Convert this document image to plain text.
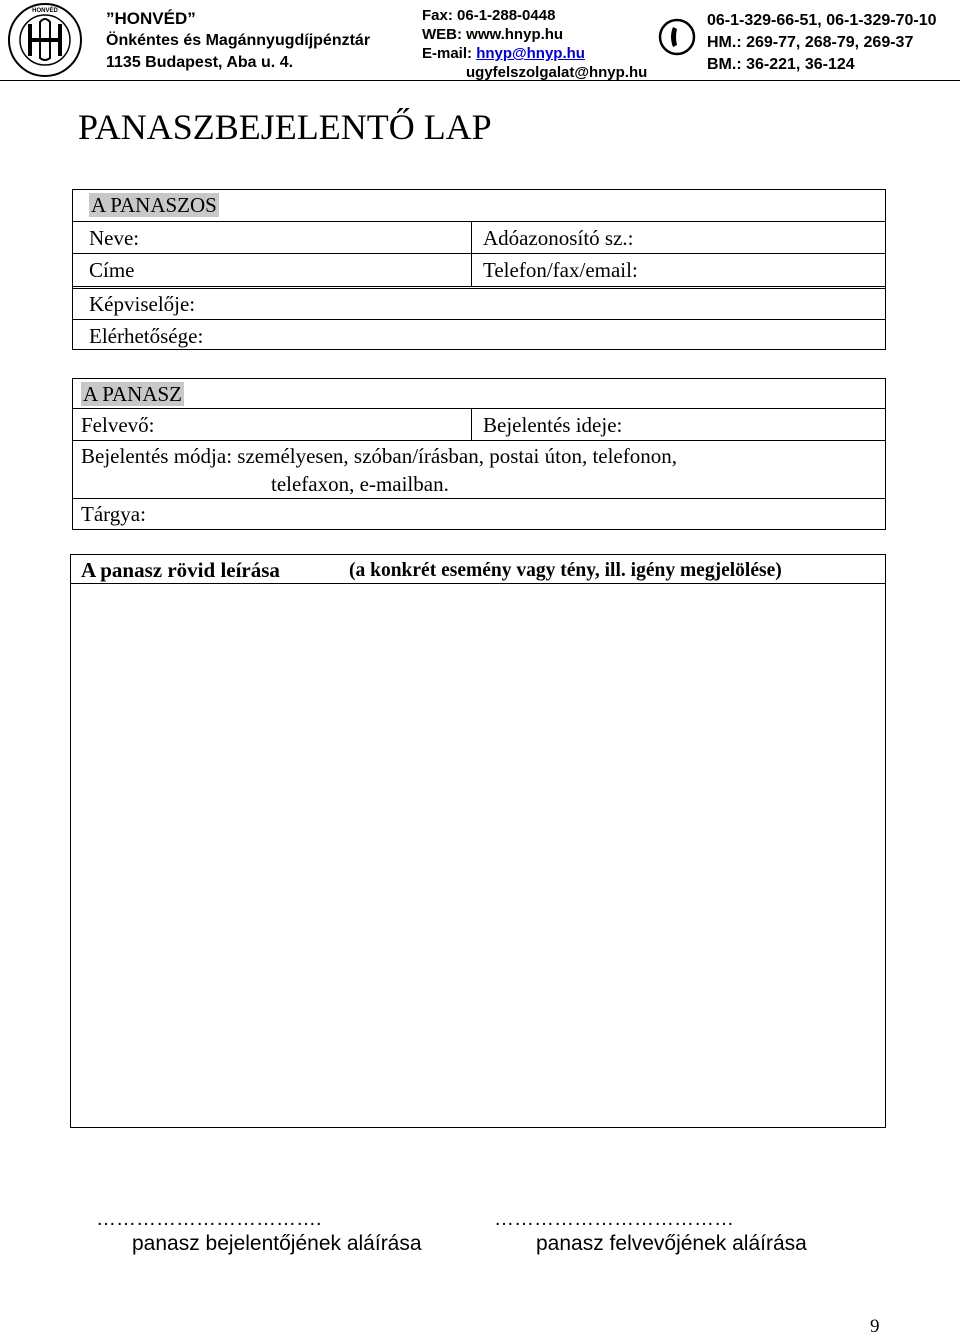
HONVÉD	”HONVÉD”
Önkéntes és Magánnyugdíjpénztár
1135 Budapest, Aba u. 4.
Fax: 06-1-288-0448
WEB: www.hnyp.hu
E-mail: hnyp@hnyp.hu
ugyfelszolgalat@hnyp.hu
06-1-329-66-51, 06-1-329-70-10
HM.: 269-77, 268-79, 269-37
BM.: 36-221, 36-124
PANASZBEJELENTŐ LAP
A PANASZOS
Neve:	Adóazonosító sz.:
Címe	Telefon/fax/email:
Képviselője:
Elérhetősége:
A PANASZ
Felvevő:	Bejelentés ideje:
Bejelentés módja: személyesen, szóban/írásban, postai úton, telefonon,
telefaxon, e-mailban.
Tárgya:
A panasz rövid leírása	(a konkrét esemény vagy tény, ill. igény megjelölése)
…………………………….	………………………………
panasz bejelentőjének aláírása	panasz felvevőjének aláírása
9
